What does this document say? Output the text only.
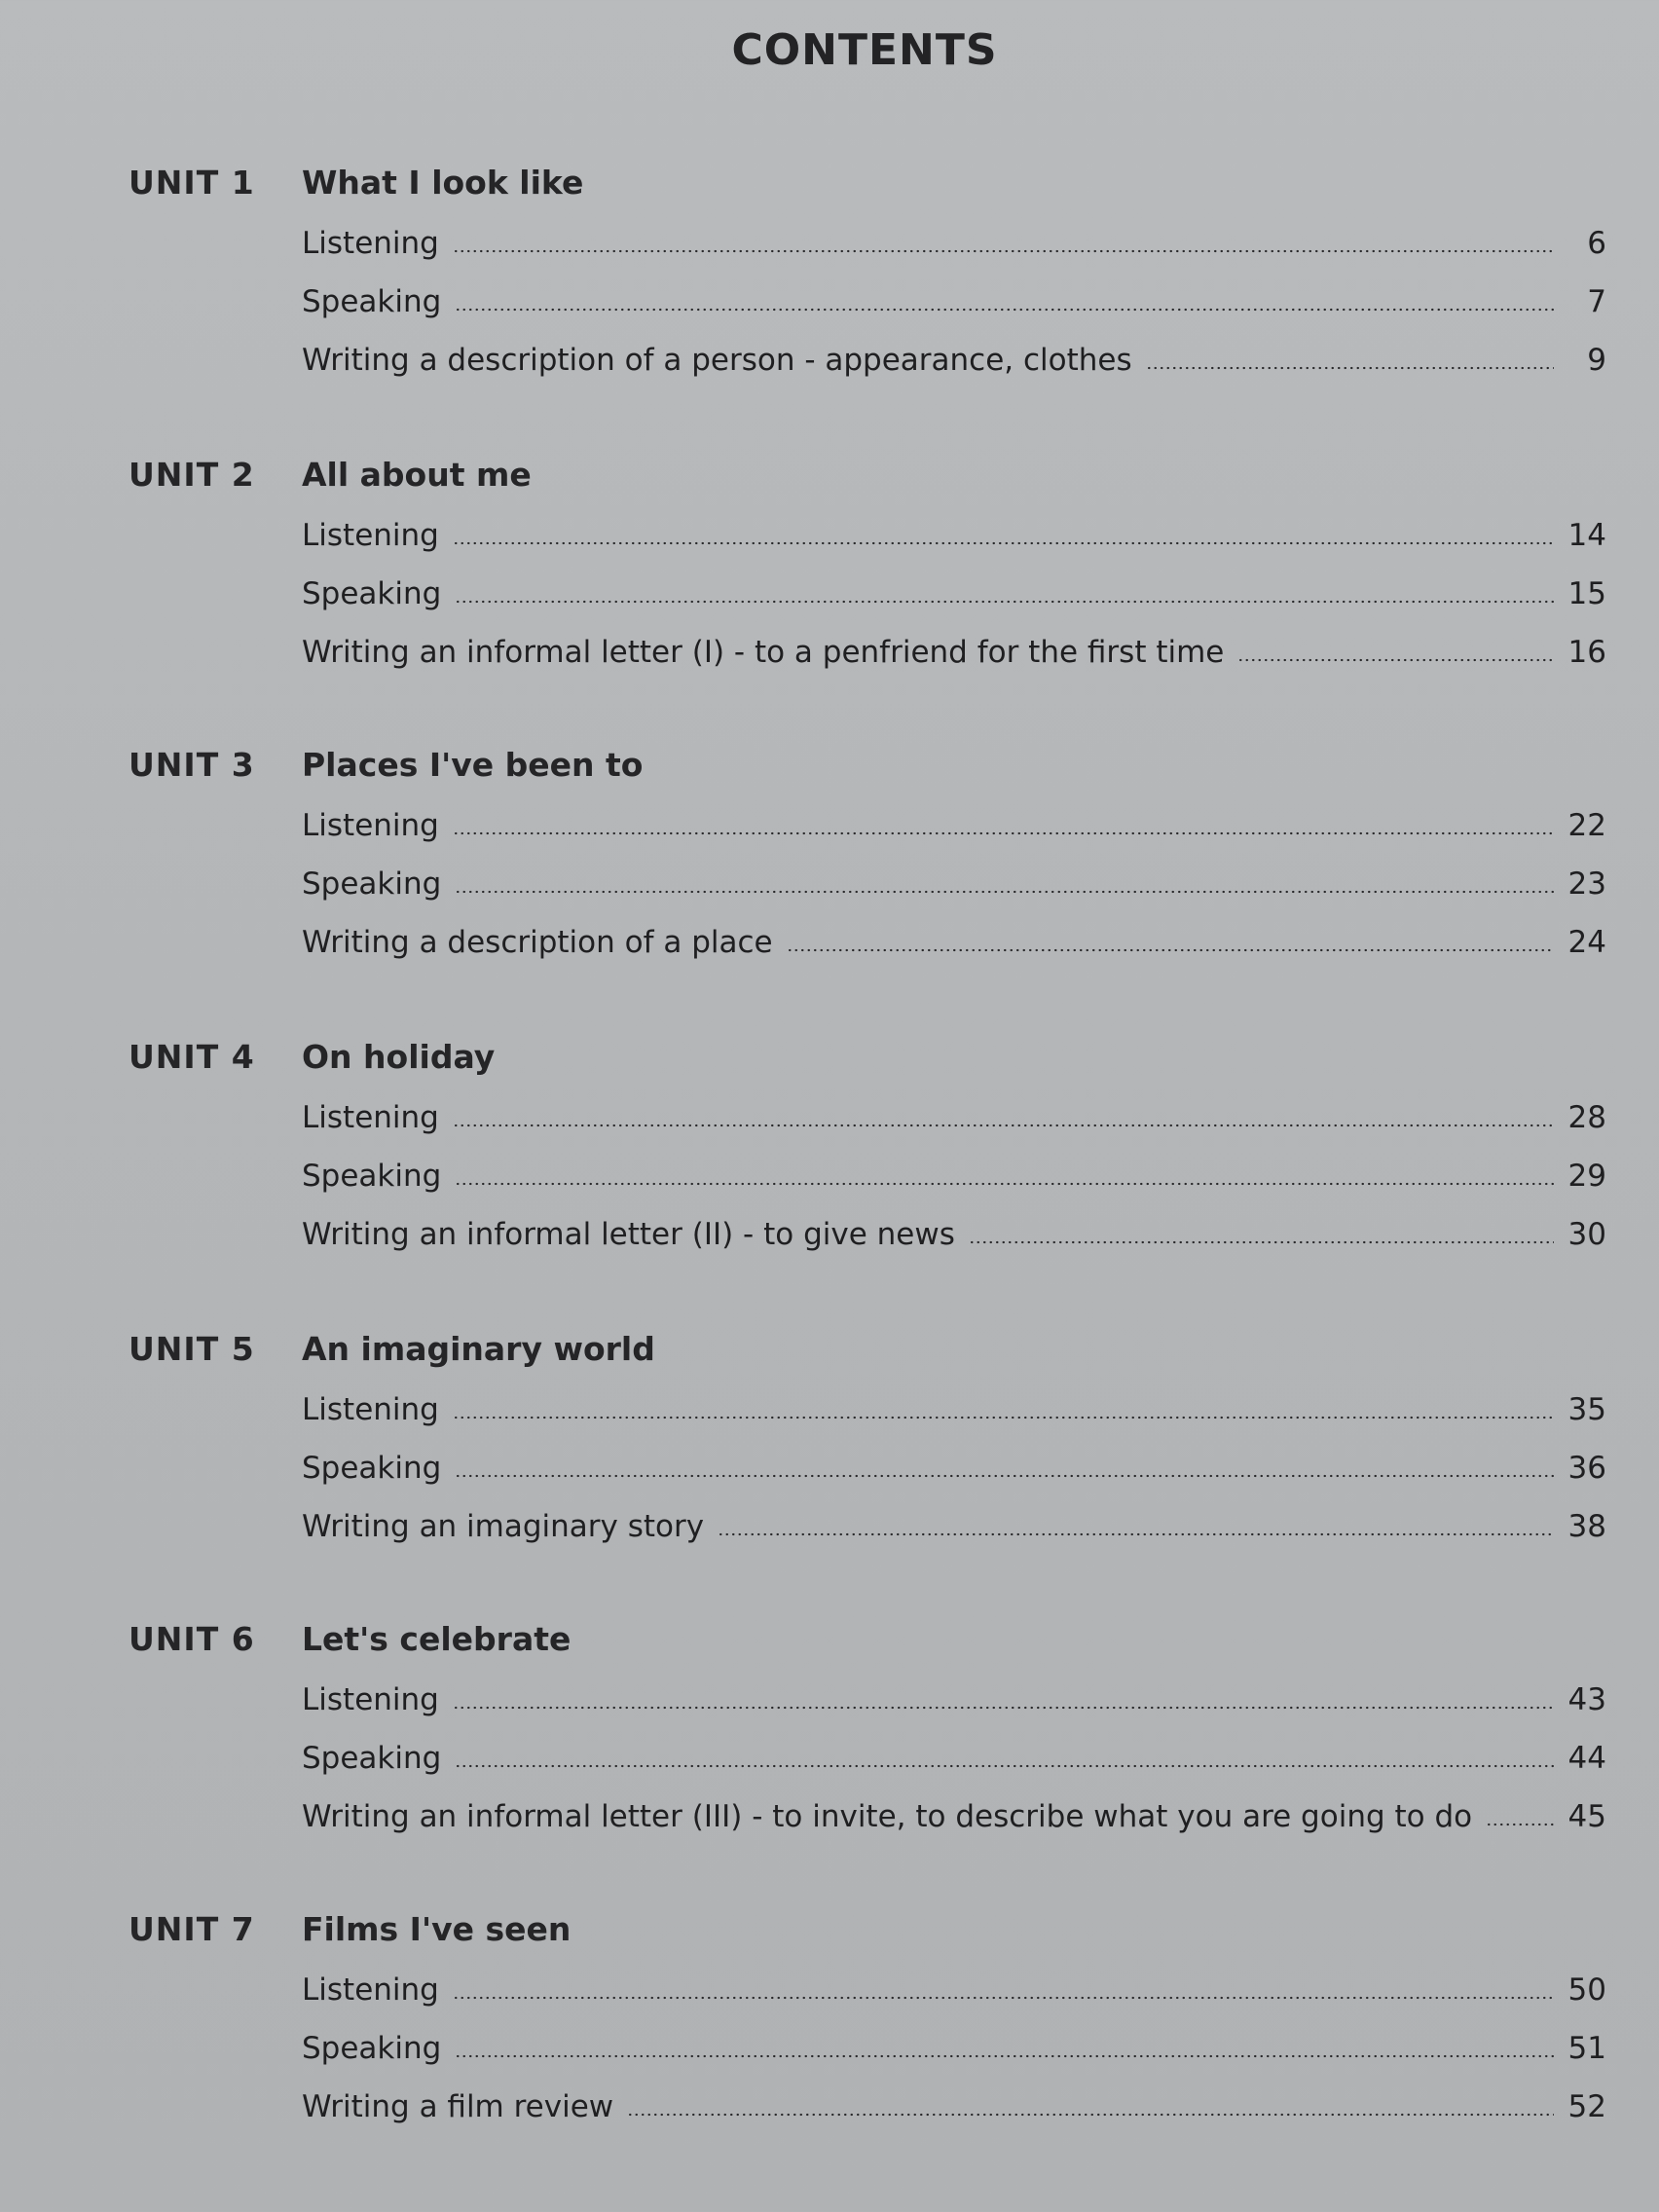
CONTENTS
UNIT 1 What I look like
Listening	6
Speaking	7
Writing a description of a person - appearance, clothes	9
UNIT 2 All about me
Listening	14
Speaking	15
Writing an informal letter (I) - to a penfriend for the first time	16
UNIT 3 Places I've been to
Listening	22
Speaking	23
Writing a description of a place	24
UNIT 4 On holiday
Listening	28
Speaking	29
Writing an informal letter (II) - to give news	30
UNIT 5 An imaginary world
Listening	35
Speaking	36
Writing an imaginary story	38
UNIT 6 Let's celebrate
Listening	43
Speaking	44
Writing an informal letter (III) - to invite, to describe what you are going to do	45
UNIT 7 Films I've seen
Listening	50
Speaking	51
Writing a film review	52
